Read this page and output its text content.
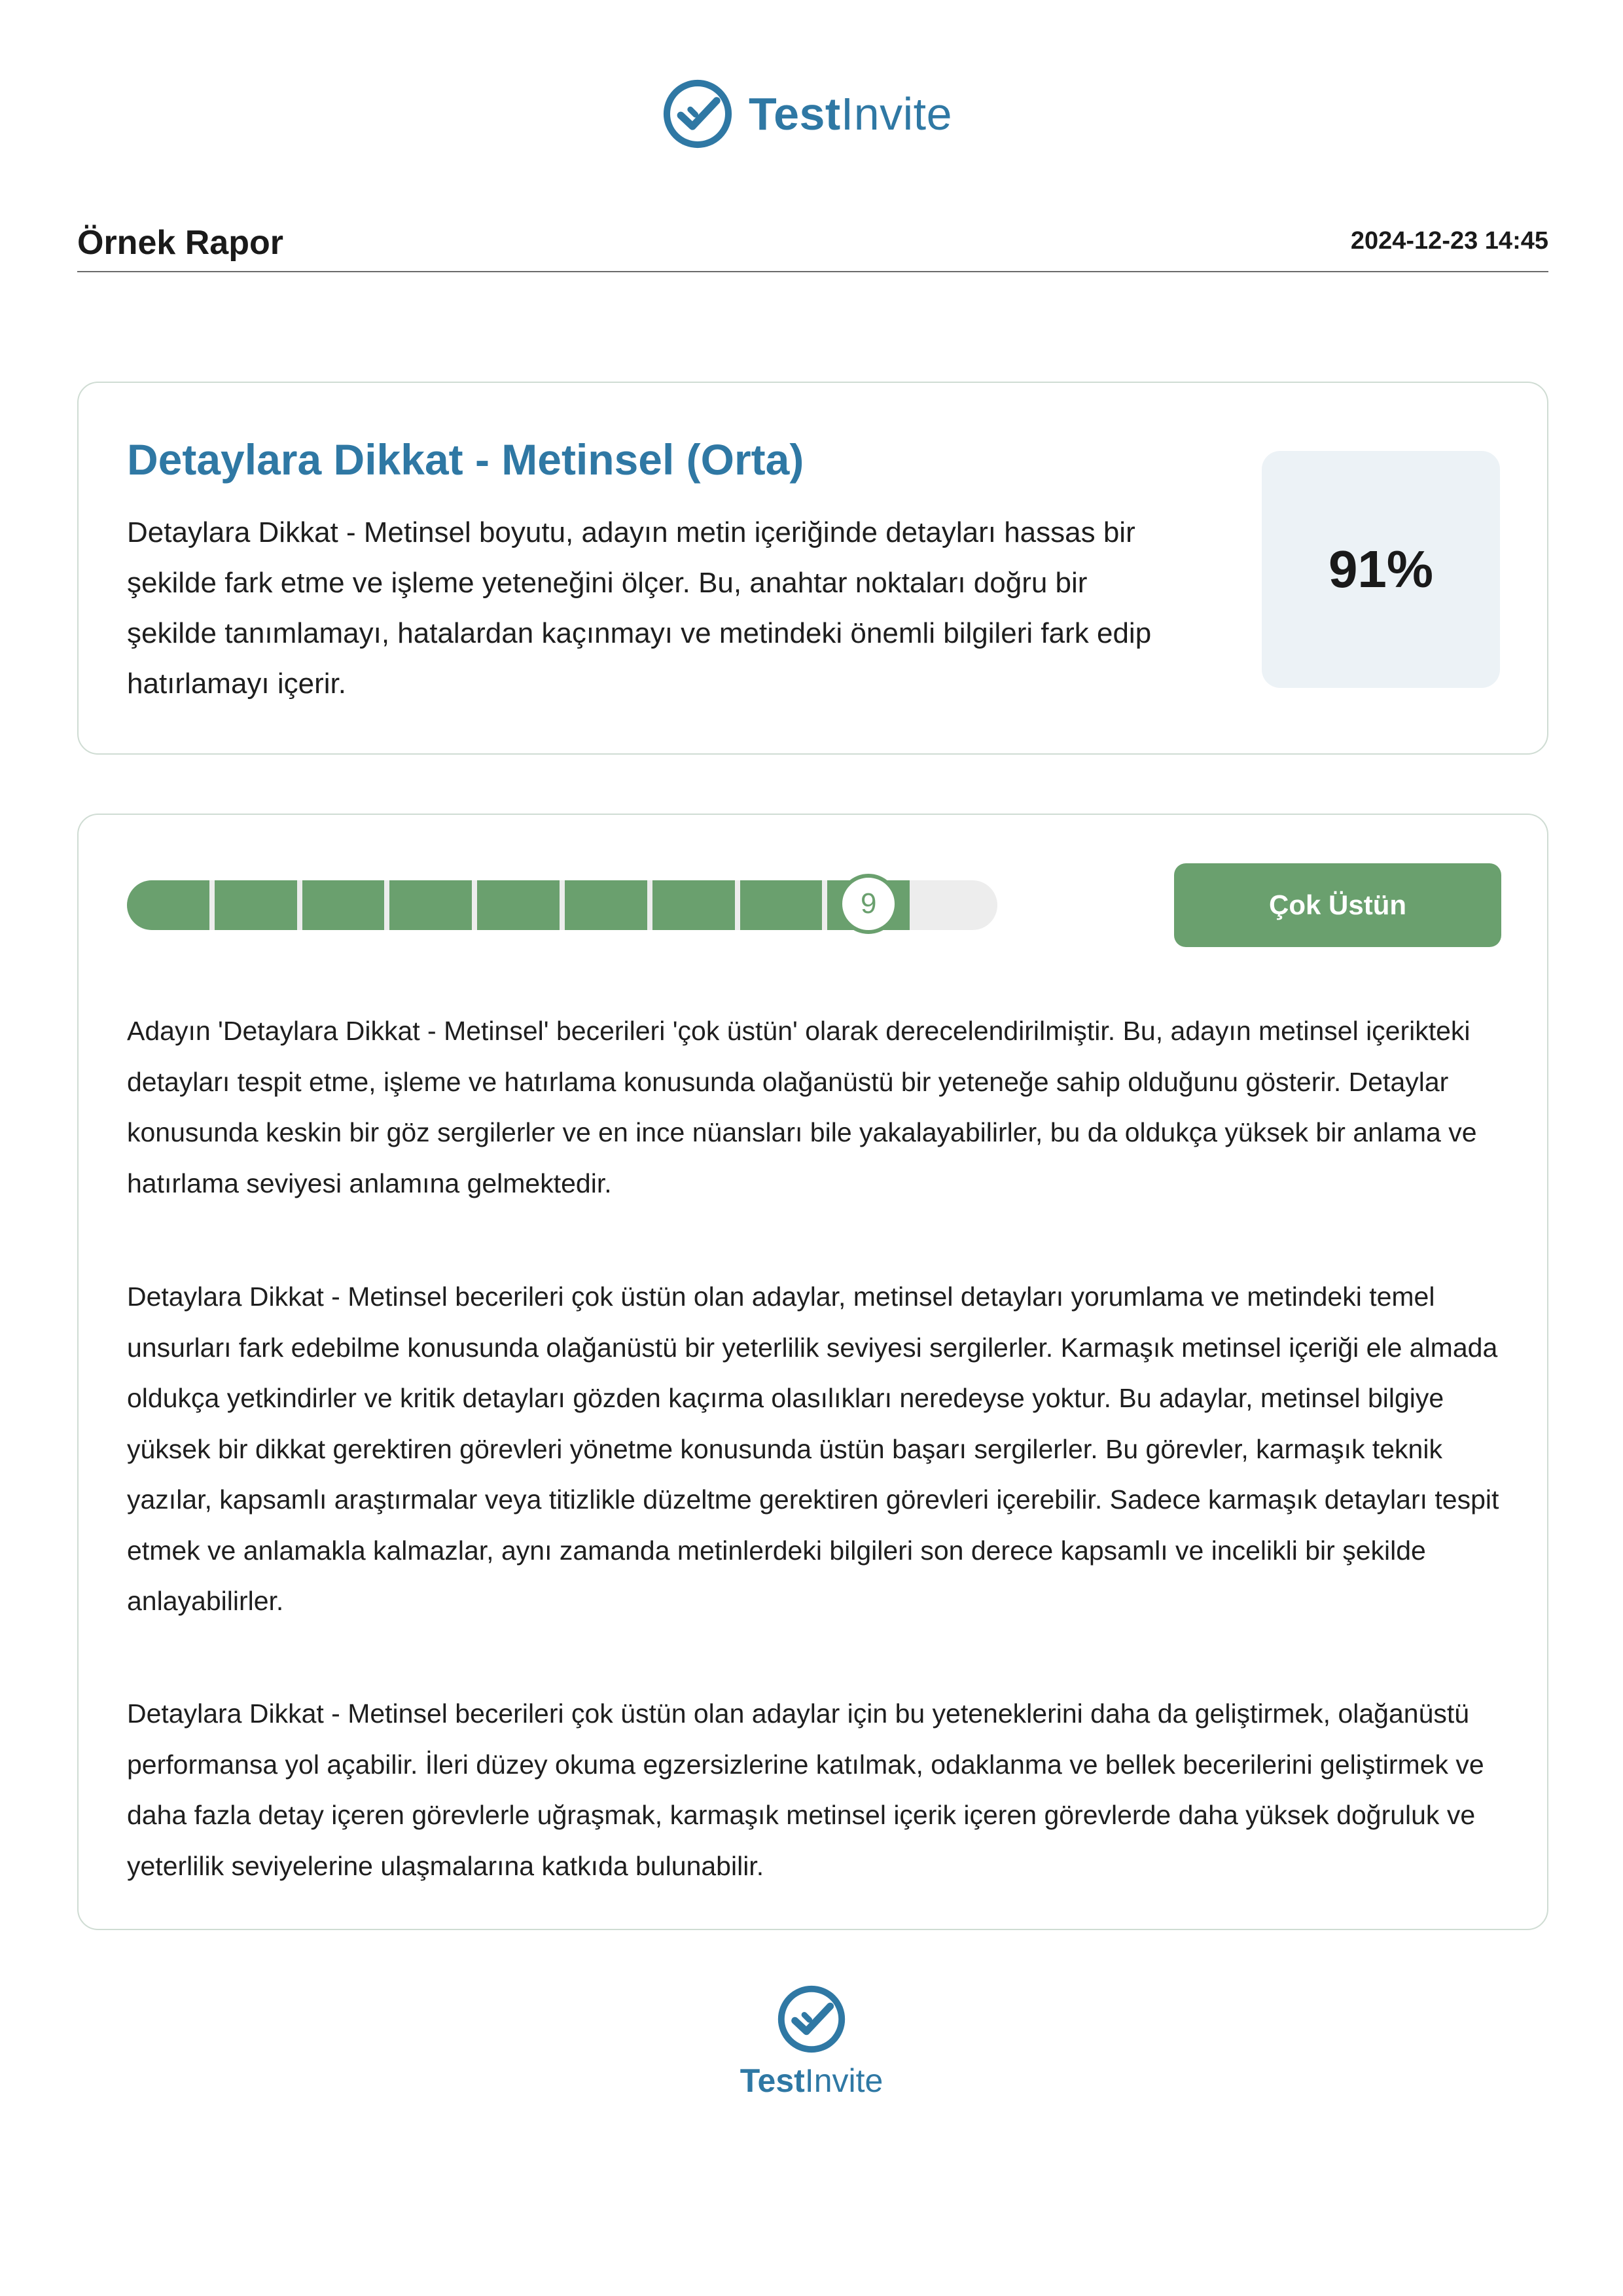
TestInvite
Örnek Rapor	2024-12-23 14:45
Detaylara Dikkat - Metinsel (Orta)

Detaylara Dikkat - Metinsel boyutu, adayın metin içeriğinde detayları hassas bir şekilde fark etme ve işleme yeteneğini ölçer. Bu, anahtar noktaları doğru bir şekilde tanımlamayı, hatalardan kaçınmayı ve metindeki önemli bilgileri fark edip hatırlamayı içerir.

91%
9	Çok Üstün

Adayın 'Detaylara Dikkat - Metinsel' becerileri 'çok üstün' olarak derecelendirilmiştir. Bu, adayın metinsel içerikteki detayları tespit etme, işleme ve hatırlama konusunda olağanüstü bir yeteneğe sahip olduğunu gösterir. Detaylar konusunda keskin bir göz sergilerler ve en ince nüansları bile yakalayabilirler, bu da oldukça yüksek bir anlama ve hatırlama seviyesi anlamına gelmektedir.

Detaylara Dikkat - Metinsel becerileri çok üstün olan adaylar, metinsel detayları yorumlama ve metindeki temel unsurları fark edebilme konusunda olağanüstü bir yeterlilik seviyesi sergilerler. Karmaşık metinsel içeriği ele almada oldukça yetkindirler ve kritik detayları gözden kaçırma olasılıkları neredeyse yoktur. Bu adaylar, metinsel bilgiye yüksek bir dikkat gerektiren görevleri yönetme konusunda üstün başarı sergilerler. Bu görevler, karmaşık teknik yazılar, kapsamlı araştırmalar veya titizlikle düzeltme gerektiren görevleri içerebilir. Sadece karmaşık detayları tespit etmek ve anlamakla kalmazlar, aynı zamanda metinlerdeki bilgileri son derece kapsamlı ve incelikli bir şekilde anlayabilirler.

Detaylara Dikkat - Metinsel becerileri çok üstün olan adaylar için bu yeteneklerini daha da geliştirmek, olağanüstü performansa yol açabilir. İleri düzey okuma egzersizlerine katılmak, odaklanma ve bellek becerilerini geliştirmek ve daha fazla detay içeren görevlerle uğraşmak, karmaşık metinsel içerik içeren görevlerde daha yüksek doğruluk ve yeterlilik seviyelerine ulaşmalarına katkıda bulunabilir.

TestInvite
